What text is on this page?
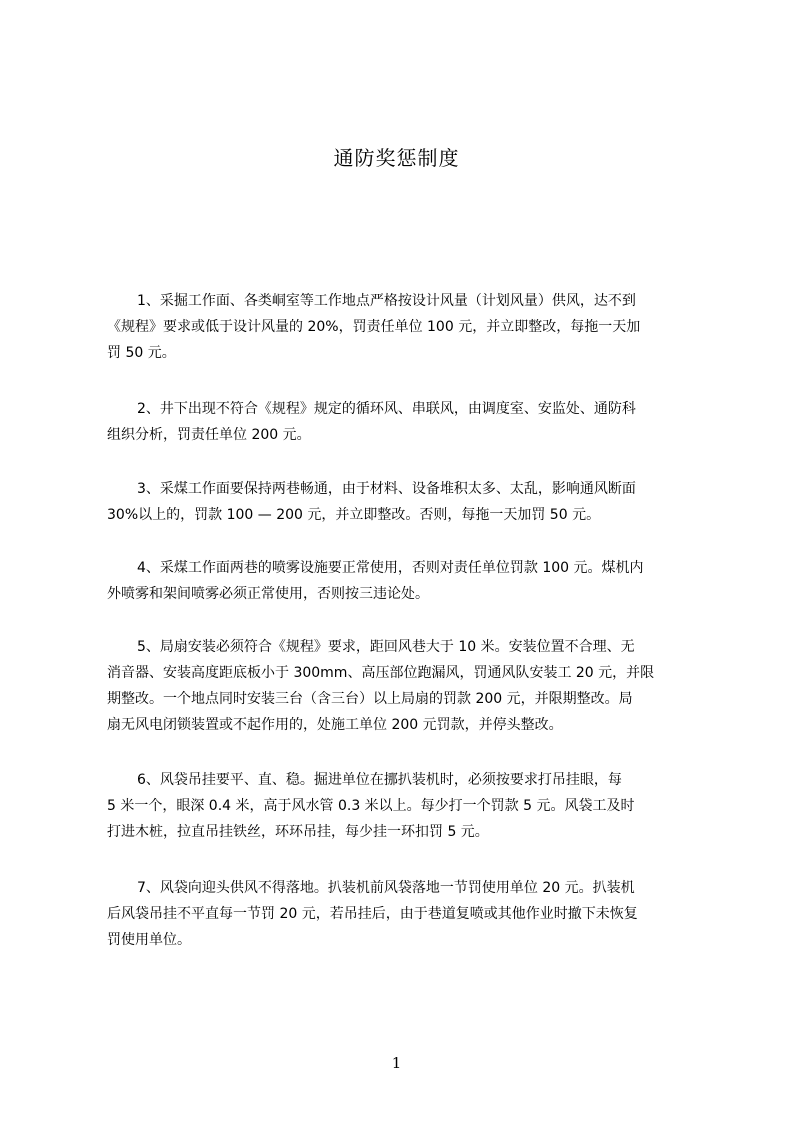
通防奖惩制度
1、采掘工作面、各类峒室等工作地点严格按设计风量（计划风量）供风，达不到
《规程》要求或低于设计风量的 20%，罚责任单位 100 元，并立即整改，每拖一天加
罚 50 元。
2、井下出现不符合《规程》规定的循环风、串联风，由调度室、安监处、通防科
组织分析，罚责任单位 200 元。
3、采煤工作面要保持两巷畅通，由于材料、设备堆积太多、太乱，影响通风断面
30%以上的，罚款 100 — 200 元，并立即整改。否则，每拖一天加罚 50 元。
4、采煤工作面两巷的喷雾设施要正常使用，否则对责任单位罚款 100 元。煤机内
外喷雾和架间喷雾必须正常使用，否则按三违论处。
5、局扇安装必须符合《规程》要求，距回风巷大于 10 米。安装位置不合理、无
消音器、安装高度距底板小于 300mm、高压部位跑漏风，罚通风队安装工 20 元，并限
期整改。一个地点同时安装三台（含三台）以上局扇的罚款 200 元，并限期整改。局
扇无风电闭锁装置或不起作用的，处施工单位 200 元罚款，并停头整改。
6、风袋吊挂要平、直、稳。掘进单位在挪扒装机时，必须按要求打吊挂眼，每
5 米一个，眼深 0.4 米，高于风水管 0.3 米以上。每少打一个罚款 5 元。风袋工及时
打进木桩，拉直吊挂铁丝，环环吊挂，每少挂一环扣罚 5 元。
7、风袋向迎头供风不得落地。扒装机前风袋落地一节罚使用单位 20 元。扒装机
后风袋吊挂不平直每一节罚 20 元，若吊挂后，由于巷道复喷或其他作业时撤下未恢复
罚使用单位。
1
